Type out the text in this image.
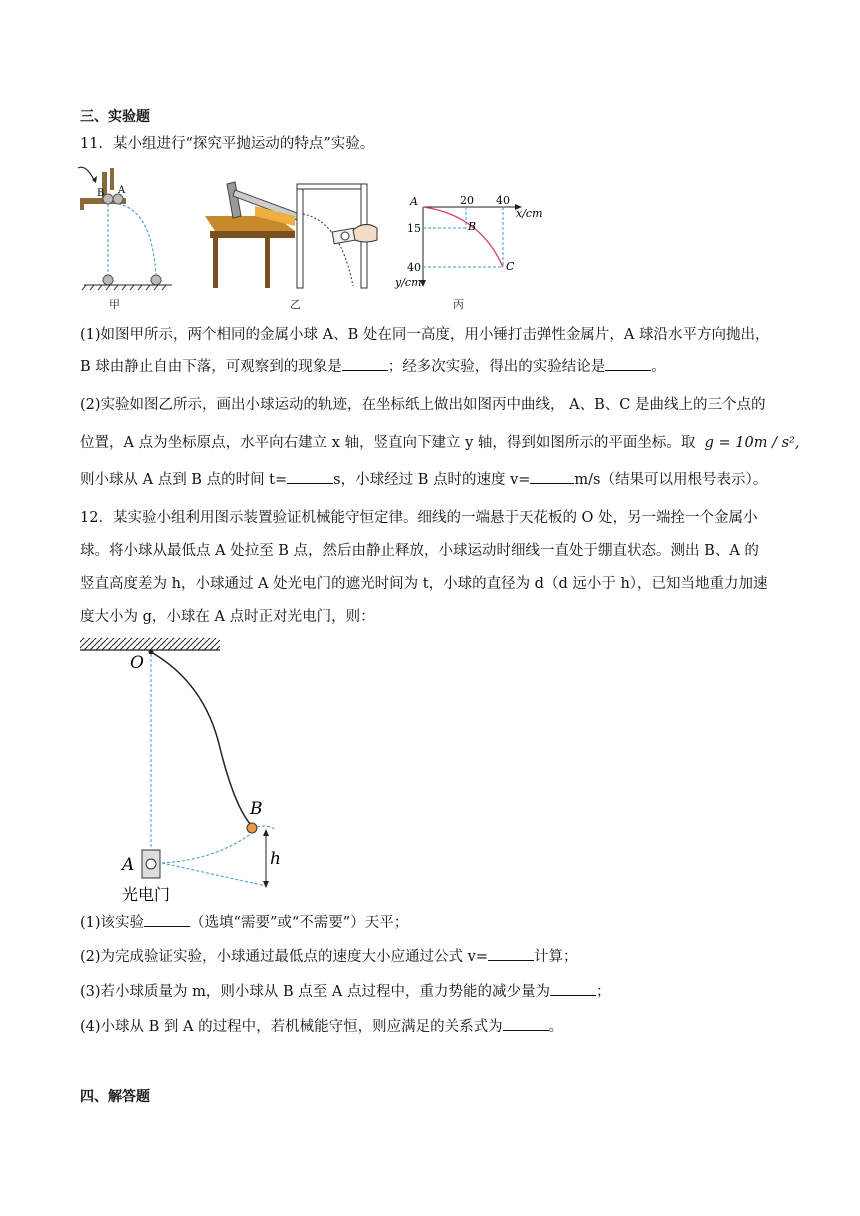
三、实验题
11．某小组进行“探究平抛运动的特点”实验。
B A
甲	乙
A	20 40
x/cm
15
40
B
C
y/cm
丙
(1)如图甲所示，两个相同的金属小球 A、B 处在同一高度，用小锤打击弹性金属片，A 球沿水平方向抛出，
B 球由静止自由下落，可观察到的现象是	；经多次实验，得出的实验结论是	。
(2)实验如图乙所示，画出小球运动的轨迹，在坐标纸上做出如图丙中曲线， A、B、C 是曲线上的三个点的
位置，A 点为坐标原点，水平向右建立 x 轴，竖直向下建立 y 轴，得到如图所示的平面坐标。取 g = 10m / s²,
则小球从 A 点到 B 点的时间 t=	s，小球经过 B 点时的速度 v=	m/s（结果可以用根号表示）。
12．某实验小组利用图示装置验证机械能守恒定律。细线的一端悬于天花板的 O 处，另一端拴一个金属小
球。将小球从最低点 A 处拉至 B 点，然后由静止释放，小球运动时细线一直处于绷直状态。测出 B、A 的
竖直高度差为 h，小球通过 A 处光电门的遮光时间为 t，小球的直径为 d（d 远小于 h），已知当地重力加速
度大小为 g，小球在 A 点时正对光电门，则：
O
B
h
A
光电门
(1)该实验	（选填“需要”或“不需要”）天平；
(2)为完成验证实验，小球通过最低点的速度大小应通过公式 v=	计算；
(3)若小球质量为 m，则小球从 B 点至 A 点过程中，重力势能的减少量为	；
(4)小球从 B 到 A 的过程中，若机械能守恒，则应满足的关系式为	。
四、解答题
